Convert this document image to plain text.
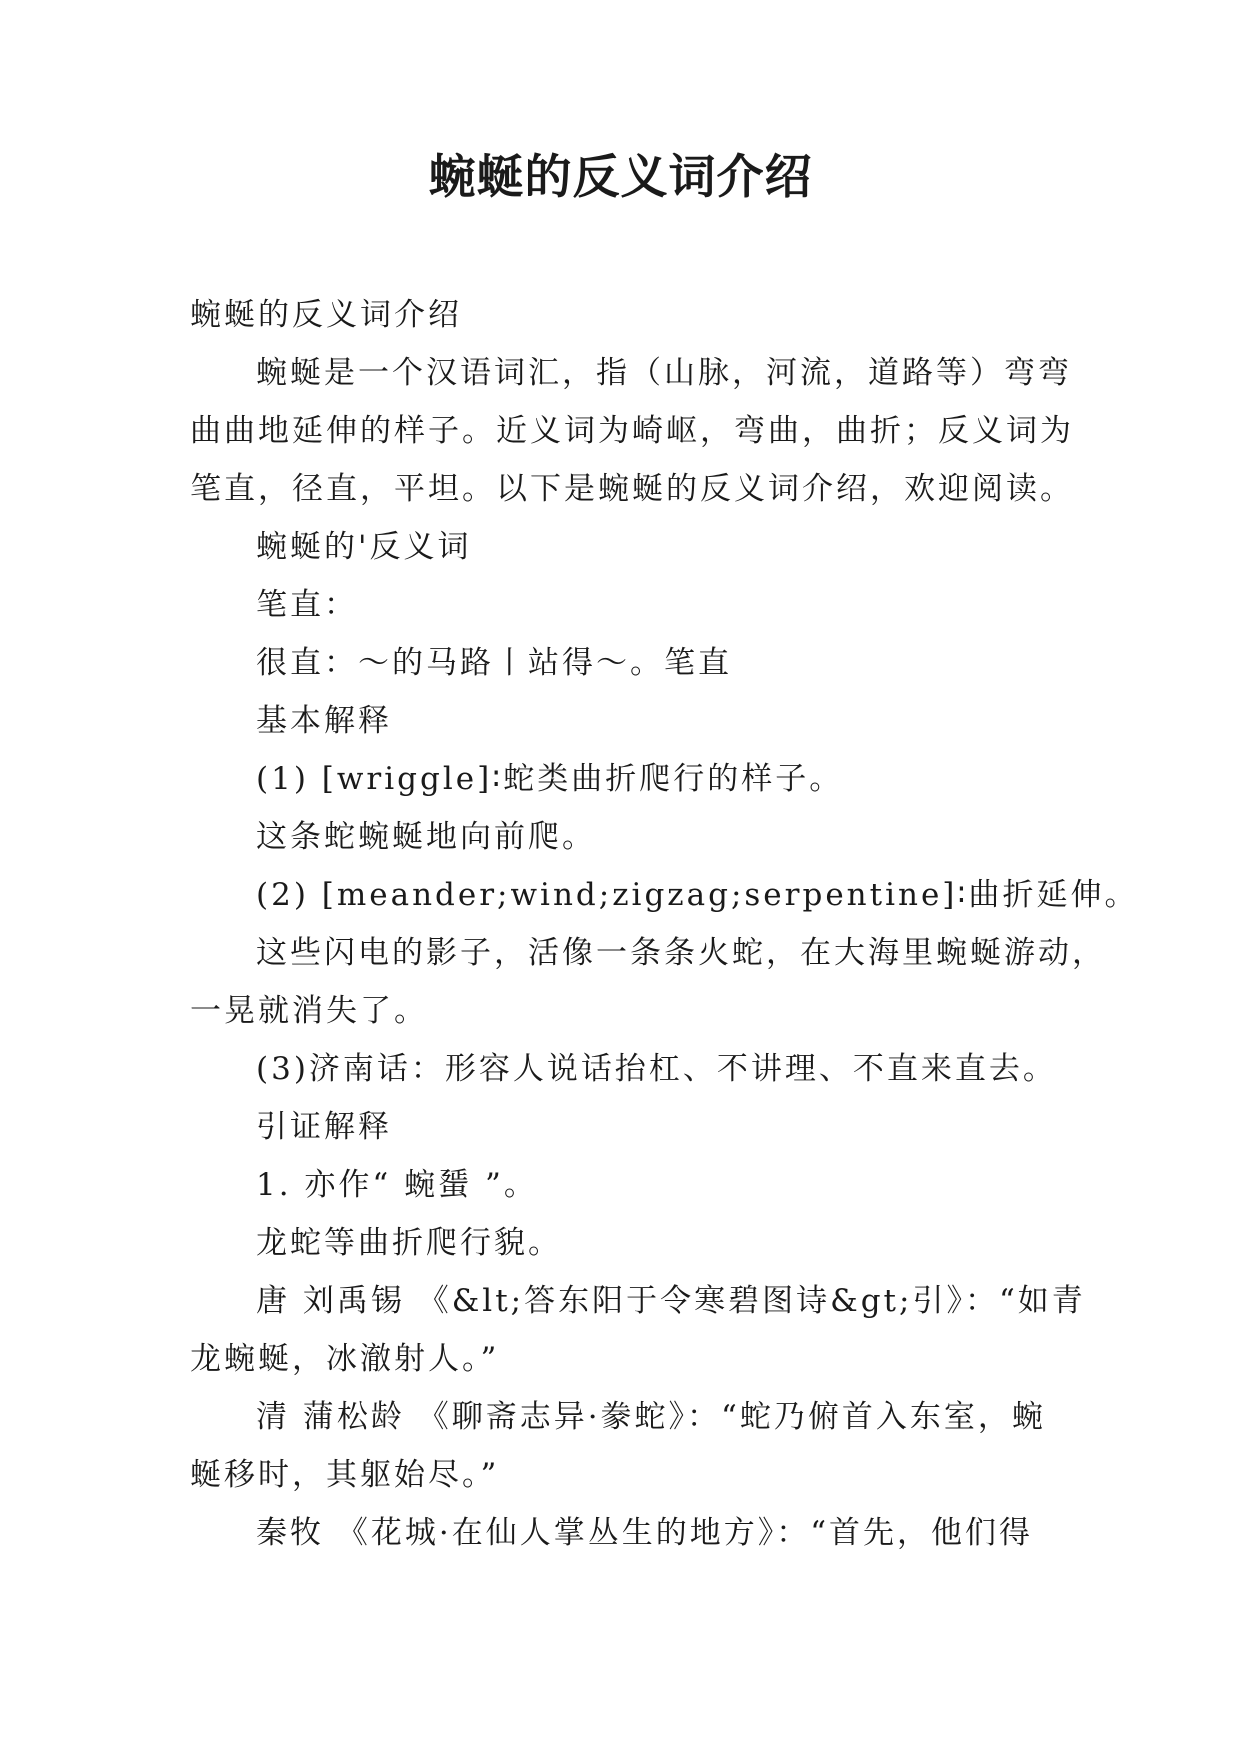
蜿蜒的反义词介绍

蜿蜒的反义词介绍

蜿蜒是一个汉语词汇，指（山脉，河流，道路等）弯弯

曲曲地延伸的样子。近义词为崎岖，弯曲，曲折；反义词为

笔直，径直，平坦。以下是蜿蜒的反义词介绍，欢迎阅读。

蜿蜒的'反义词

笔直：

很直：～的马路丨站得～。笔直

基本解释

(1) [wriggle]∶蛇类曲折爬行的样子。

这条蛇蜿蜒地向前爬。

(2) [meander;wind;zigzag;serpentine]∶曲折延伸。

这些闪电的影子，活像一条条火蛇，在大海里蜿蜒游动，

一晃就消失了。

(3)济南话：形容人说话抬杠、不讲理、不直来直去。

引证解释

1. 亦作“ 蜿蜑 ”。

龙蛇等曲折爬行貌。

唐 刘禹锡 《&lt;答东阳于令寒碧图诗&gt;引》：“如青

龙蜿蜒，冰澈射人。”

清 蒲松龄 《聊斋志异·豢蛇》：“蛇乃俯首入东室，蜿

蜒移时，其躯始尽。”

秦牧 《花城·在仙人掌丛生的地方》：“首先，他们得
